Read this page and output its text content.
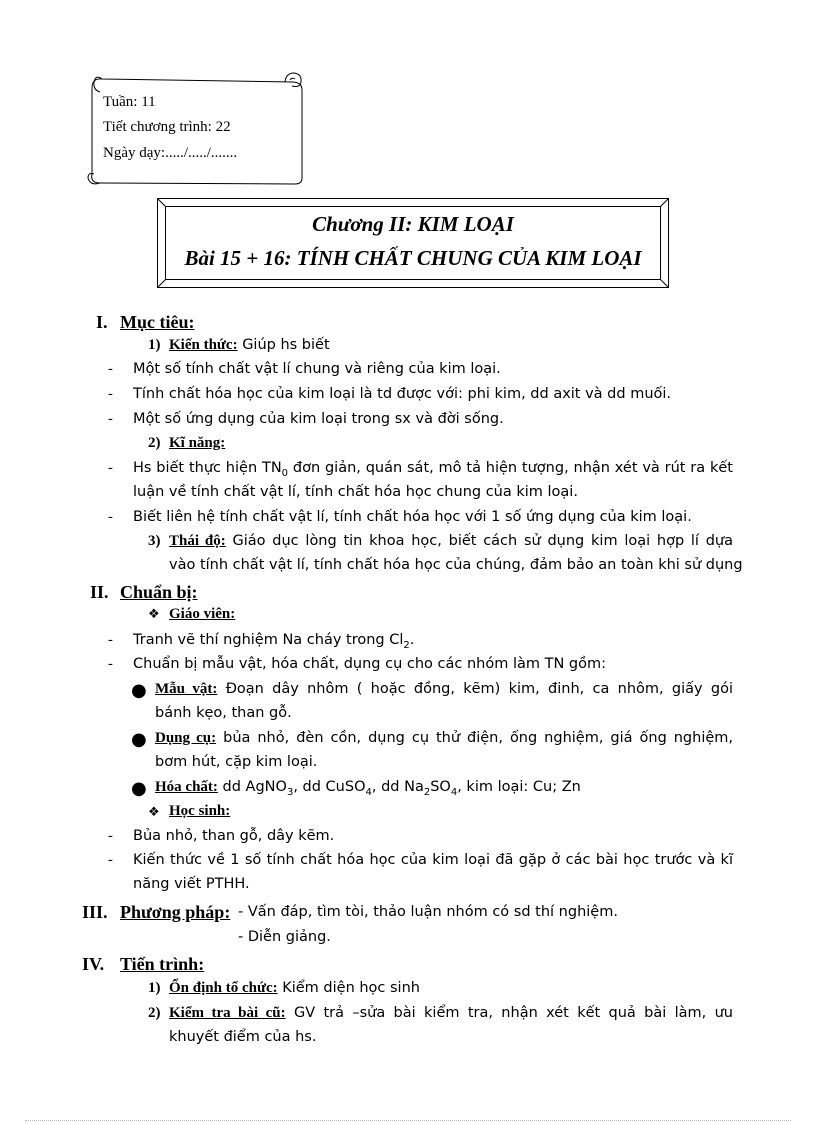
Tuần: 11
Tiết chương trình: 22
Ngày dạy:...../...../.......
Chương II: KIM LOẠI
Bài 15 + 16: TÍNH CHẤT CHUNG CỦA KIM LOẠI
I. Mục tiêu:
1) Kiến thức: Giúp hs biết
- Một số tính chất vật lí chung và riêng của kim loại.
- Tính chất hóa học của kim loại là td được với: phi kim, dd axit và dd muối.
- Một số ứng dụng của kim loại trong sx và đời sống.
2) Kĩ năng:
- Hs biết thực hiện $TN_0$ đơn giản, quán sát, mô tả hiện tượng, nhận xét và rút ra kết
luận về tính chất vật lí, tính chất hóa học chung của kim loại.
- Biết liên hệ tính chất vật lí, tính chất hóa học với 1 số ứng dụng của kim loại.
3) Thái độ: Giáo dục lòng tin khoa học, biết cách sử dụng kim loại hợp lí dựa
vào tính chất vật lí, tính chất hóa học của chúng, đảm bảo an toàn khi sử dụng
II. Chuẩn bị:
❖ Giáo viên:
- Tranh vẽ thí nghiệm Na cháy trong $Cl_2$.
- Chuẩn bị mẫu vật, hóa chất, dụng cụ cho các nhóm làm TN gồm:
● Mẫu vật: Đoạn dây nhôm ( hoặc đồng, kẽm) kim, đinh, ca nhôm, giấy gói
bánh kẹo, than gỗ.
● Dụng cụ: bủa nhỏ, đèn cồn, dụng cụ thử điện, ống nghiệm, giá ống nghiệm,
bơm hút, cặp kim loại.
● Hóa chất: dd AgNO$_3$, dd CuSO$_4$, dd $Na_2SO_4$, kim loại: Cu; Zn
❖ Học sinh:
- Bủa nhỏ, than gỗ, dây kẽm.
- Kiến thức về 1 số tính chất hóa học của kim loại đã gặp ở các bài học trước và kĩ
năng viết PTHH.
III. Phương pháp: - Vấn đáp, tìm tòi, thảo luận nhóm có sd thí nghiệm.
- Diễn giảng.
IV. Tiến trình:
1) Ổn định tổ chức: Kiểm diện học sinh
2) Kiểm tra bài cũ: GV trả –sửa bài kiểm tra, nhận xét kết quả bài làm, ưu
khuyết điểm của hs.
